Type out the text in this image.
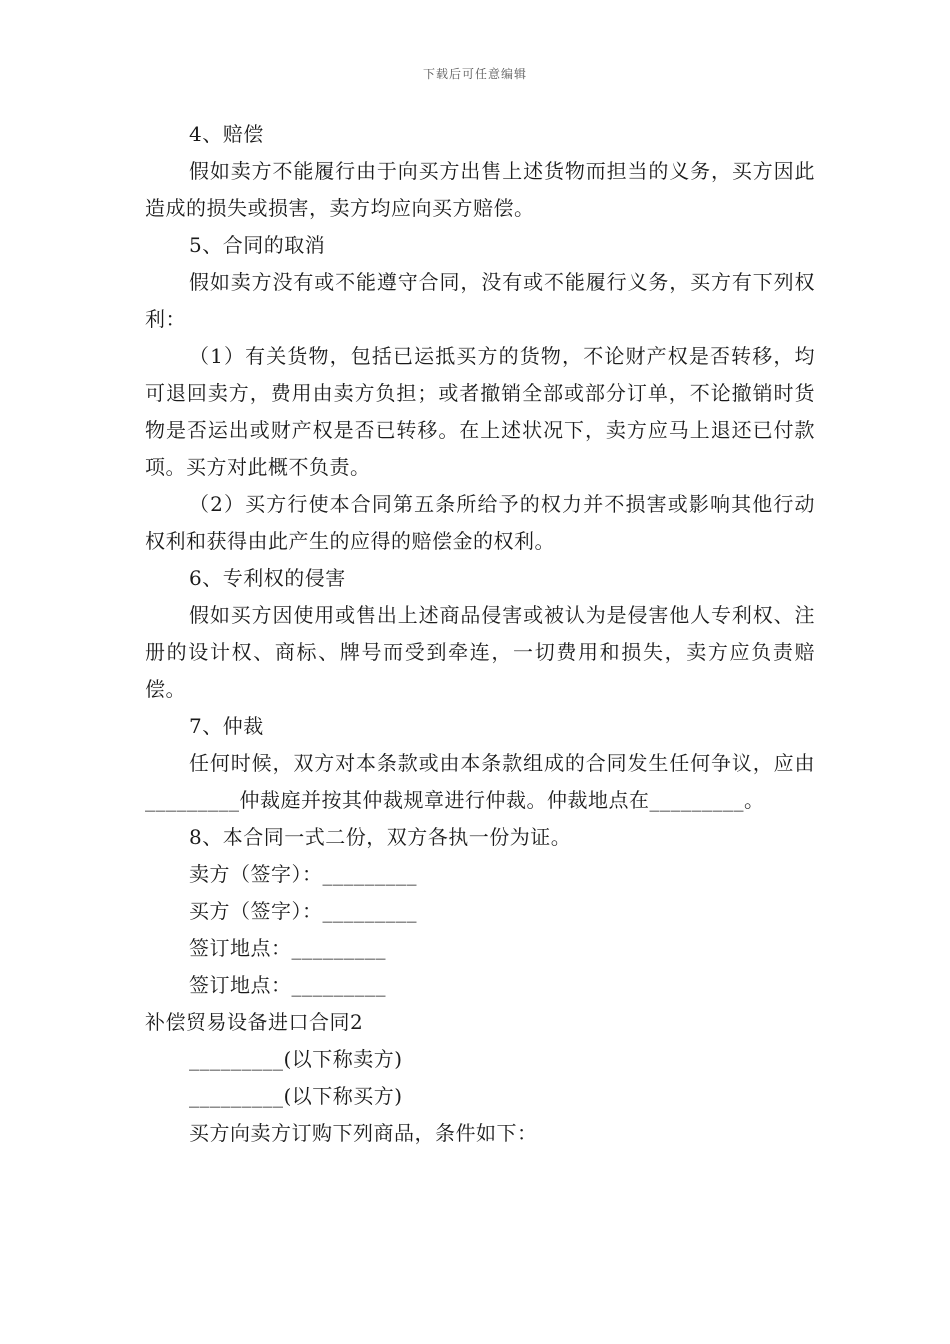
下载后可任意编辑

4、赔偿

假如卖方不能履行由于向买方出售上述货物而担当的义务，买方因此造成的损失或损害，卖方均应向买方赔偿。

5、合同的取消

假如卖方没有或不能遵守合同，没有或不能履行义务，买方有下列权利：

（1）有关货物，包括已运抵买方的货物，不论财产权是否转移，均可退回卖方，费用由卖方负担；或者撤销全部或部分订单，不论撤销时货物是否运出或财产权是否已转移。在上述状况下，卖方应马上退还已付款项。买方对此概不负责。

（2）买方行使本合同第五条所给予的权力并不损害或影响其他行动权利和获得由此产生的应得的赔偿金的权利。

6、专利权的侵害

假如买方因使用或售出上述商品侵害或被认为是侵害他人专利权、注册的设计权、商标、牌号而受到牵连，一切费用和损失，卖方应负责赔偿。

7、仲裁

任何时候，双方对本条款或由本条款组成的合同发生任何争议，应由_________仲裁庭并按其仲裁规章进行仲裁。仲裁地点在_________。

8、本合同一式二份，双方各执一份为证。

卖方（签字）：_________

买方（签字）：_________

签订地点：_________

签订地点：_________

补偿贸易设备进口合同2

_________(以下称卖方)

_________(以下称买方)

买方向卖方订购下列商品，条件如下：
